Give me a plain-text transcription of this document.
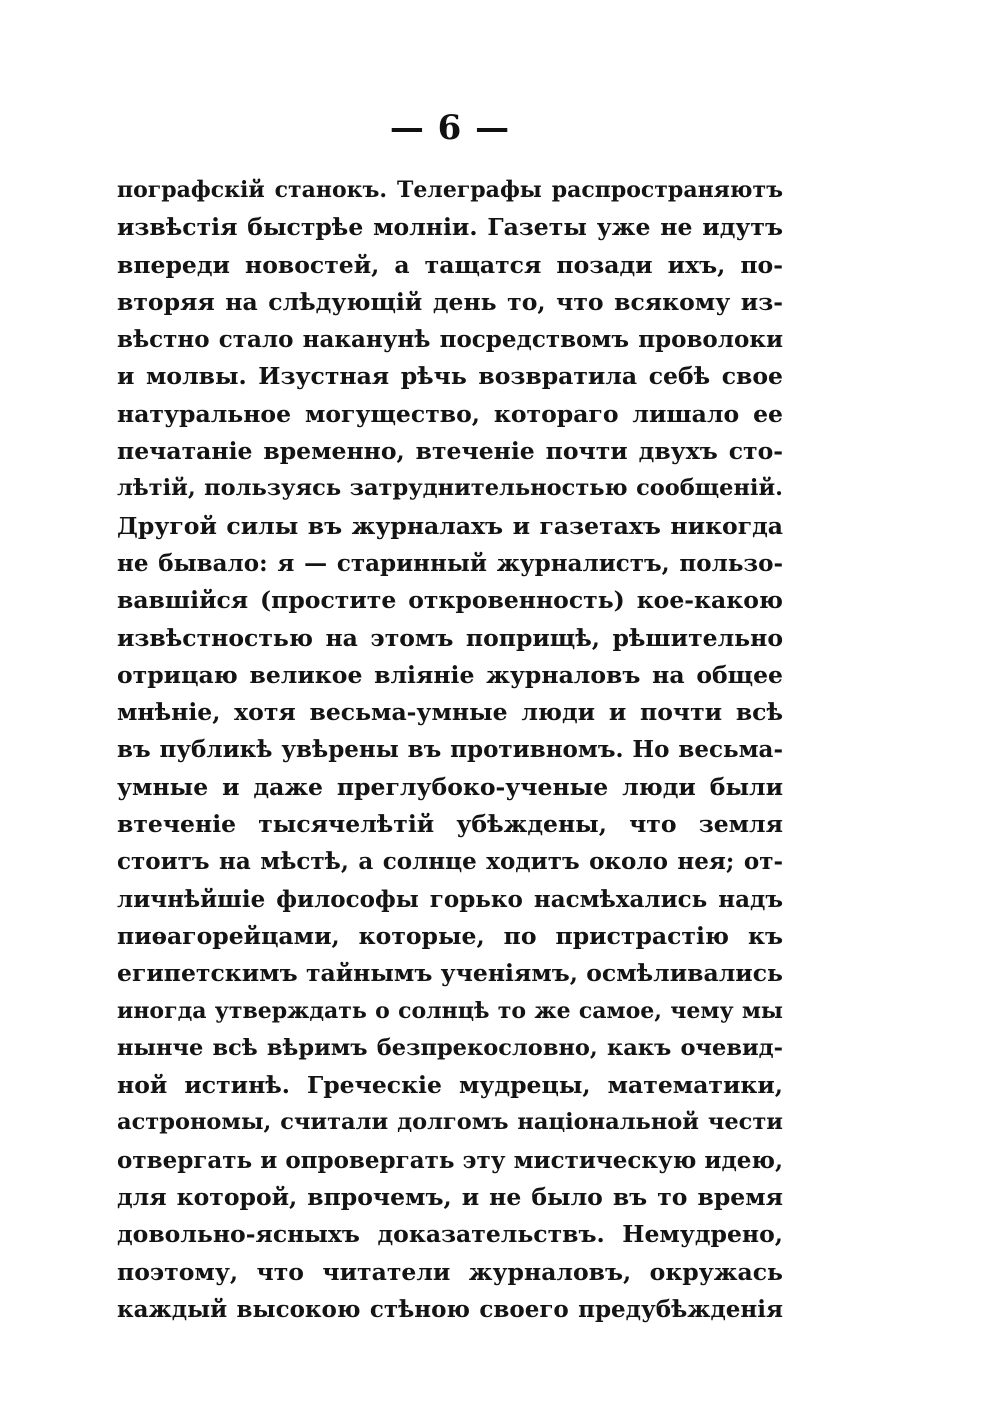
— 6 —
пографскій станокъ. Телеграфы распространяютъ
извѣстія быстрѣе молніи. Газеты уже не идутъ
впереди новостей, а тащатся позади ихъ, по-
вторяя на слѣдующій день то, что всякому из-
вѣстно стало наканунѣ посредствомъ проволоки
и молвы. Изустная рѣчь возвратила себѣ свое
натуральное могущество, котораго лишало ее
печатаніе временно, втеченіе почти двухъ сто-
лѣтій, пользуясь затруднительностью сообщеній.
Другой силы въ журналахъ и газетахъ никогда
не бывало: я — старинный журналистъ, пользо-
вавшійся (простите откровенность) кое-какою
извѣстностью на этомъ поприщѣ, рѣшительно
отрицаю великое вліяніе журналовъ на общее
мнѣніе, хотя весьма-умные люди и почти всѣ
въ публикѣ увѣрены въ противномъ. Но весьма-
умные и даже преглубоко-ученые люди были
втеченіе тысячелѣтій убѣждены, что земля
стоитъ на мѣстѣ, а солнце ходитъ около нея; от-
личнѣйшіе философы горько насмѣхались надъ
пиѳагорейцами, которые, по пристрастію къ
египетскимъ тайнымъ ученіямъ, осмѣливались
иногда утверждать о солнцѣ то же самое, чему мы
нынче всѣ вѣримъ безпрекословно, какъ очевид-
ной истинѣ. Греческіе мудрецы, математики,
астрономы, считали долгомъ національной чести
отвергать и опровергать эту мистическую идею,
для которой, впрочемъ, и не было въ то время
довольно-ясныхъ доказательствъ. Немудрено,
поэтому, что читатели журналовъ, окружась
каждый высокою стѣною своего предубѣжденія
